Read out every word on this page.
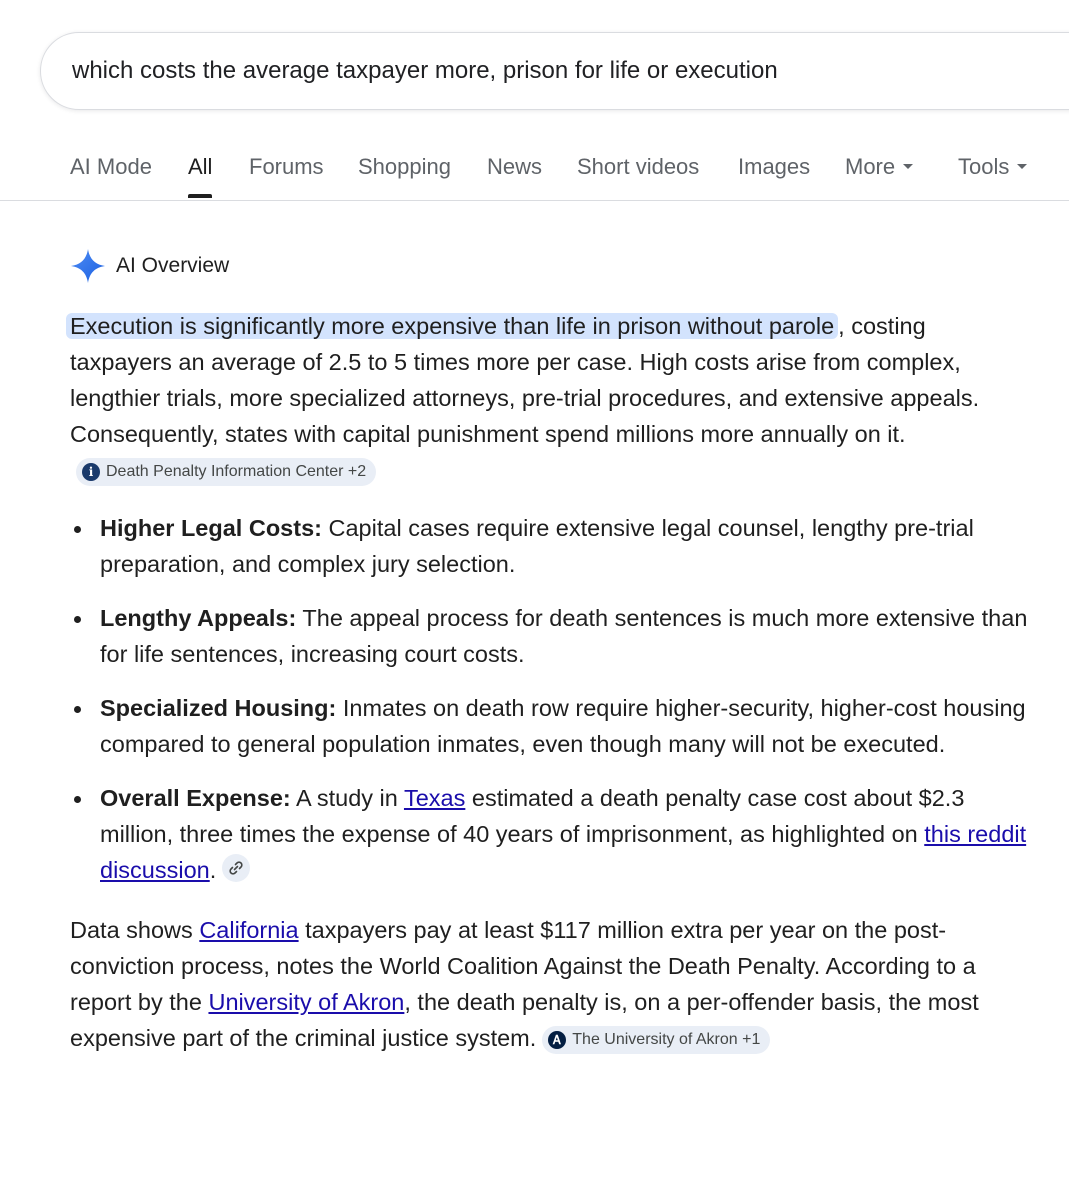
which costs the average taxpayer more, prison for life or execution
AI Mode All Forums Shopping News Short videos Images More	Tools
AI Overview

Execution is significantly more expensive than life in prison without parole , costing taxpayers an average of 2.5 to 5 times more per case. High costs arise from complex, lengthier trials, more specialized attorneys, pre-trial procedures, and extensive appeals. Consequently, states with capital punishment spend millions more annually on it.
i Death Penalty Information Center +2

Higher Legal Costs: Capital cases require extensive legal counsel, lengthy pre-trial preparation, and complex jury selection.
Lengthy Appeals: The appeal process for death sentences is much more extensive than for life sentences, increasing court costs.
Specialized Housing: Inmates on death row require higher-security, higher-cost housing compared to general population inmates, even though many will not be executed.
Overall Expense: A study in Texas estimated a death penalty case cost about $2.3 million, three times the expense of 40 years of imprisonment, as highlighted on this reddit discussion.

Data shows California taxpayers pay at least $117 million extra per year on the post-conviction process, notes the World Coalition Against the Death Penalty. According to a report by the University of Akron, the death penalty is, on a per-offender basis, the most expensive part of the criminal justice system.	Ꭺ The University of Akron +1
